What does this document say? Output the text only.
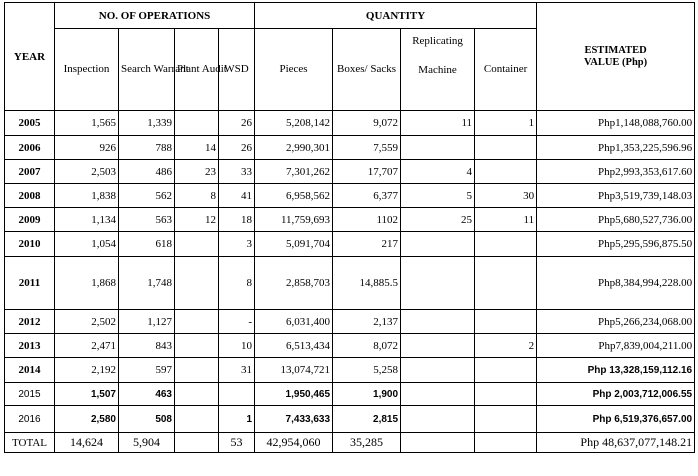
YEAR	NO. OF OPERATIONS				QUANTITY				ESTIMATED VALUE (Php)
	Inspection	Search Warrant	Plant Audit	WSD	Pieces	Boxes/ Sacks	Replicating
Machine	Container	
2005	1,565	1,339		26	5,208,142	9,072	11	1	Php1,148,088,760.00
2006	926	788	14	26	2,990,301	7,559			Php1,353,225,596.96
2007	2,503	486	23	33	7,301,262	17,707	4		Php2,993,353,617.60
2008	1,838	562	8	41	6,958,562	6,377	5	30	Php3,519,739,148.03
2009	1,134	563	12	18	11,759,693	1102	25	11	Php5,680,527,736.00
2010	1,054	618		3	5,091,704	217			Php5,295,596,875.50
2011	1,868	1,748		8	2,858,703	14,885.5			Php8,384,994,228.00
2012	2,502	1,127		-	6,031,400	2,137			Php5,266,234,068.00
2013	2,471	843		10	6,513,434	8,072		2	Php7,839,004,211.00
2014	2,192	597		31	13,074,721	5,258			Php 13,328,159,112.16
2015	1,507	463			1,950,465	1,900			Php 2,003,712,006.55
2016	2,580	508		1	7,433,633	2,815			Php 6,519,376,657.00
TOTAL	14,624	5,904		53	42,954,060	35,285			Php 48,637,077,148.21
